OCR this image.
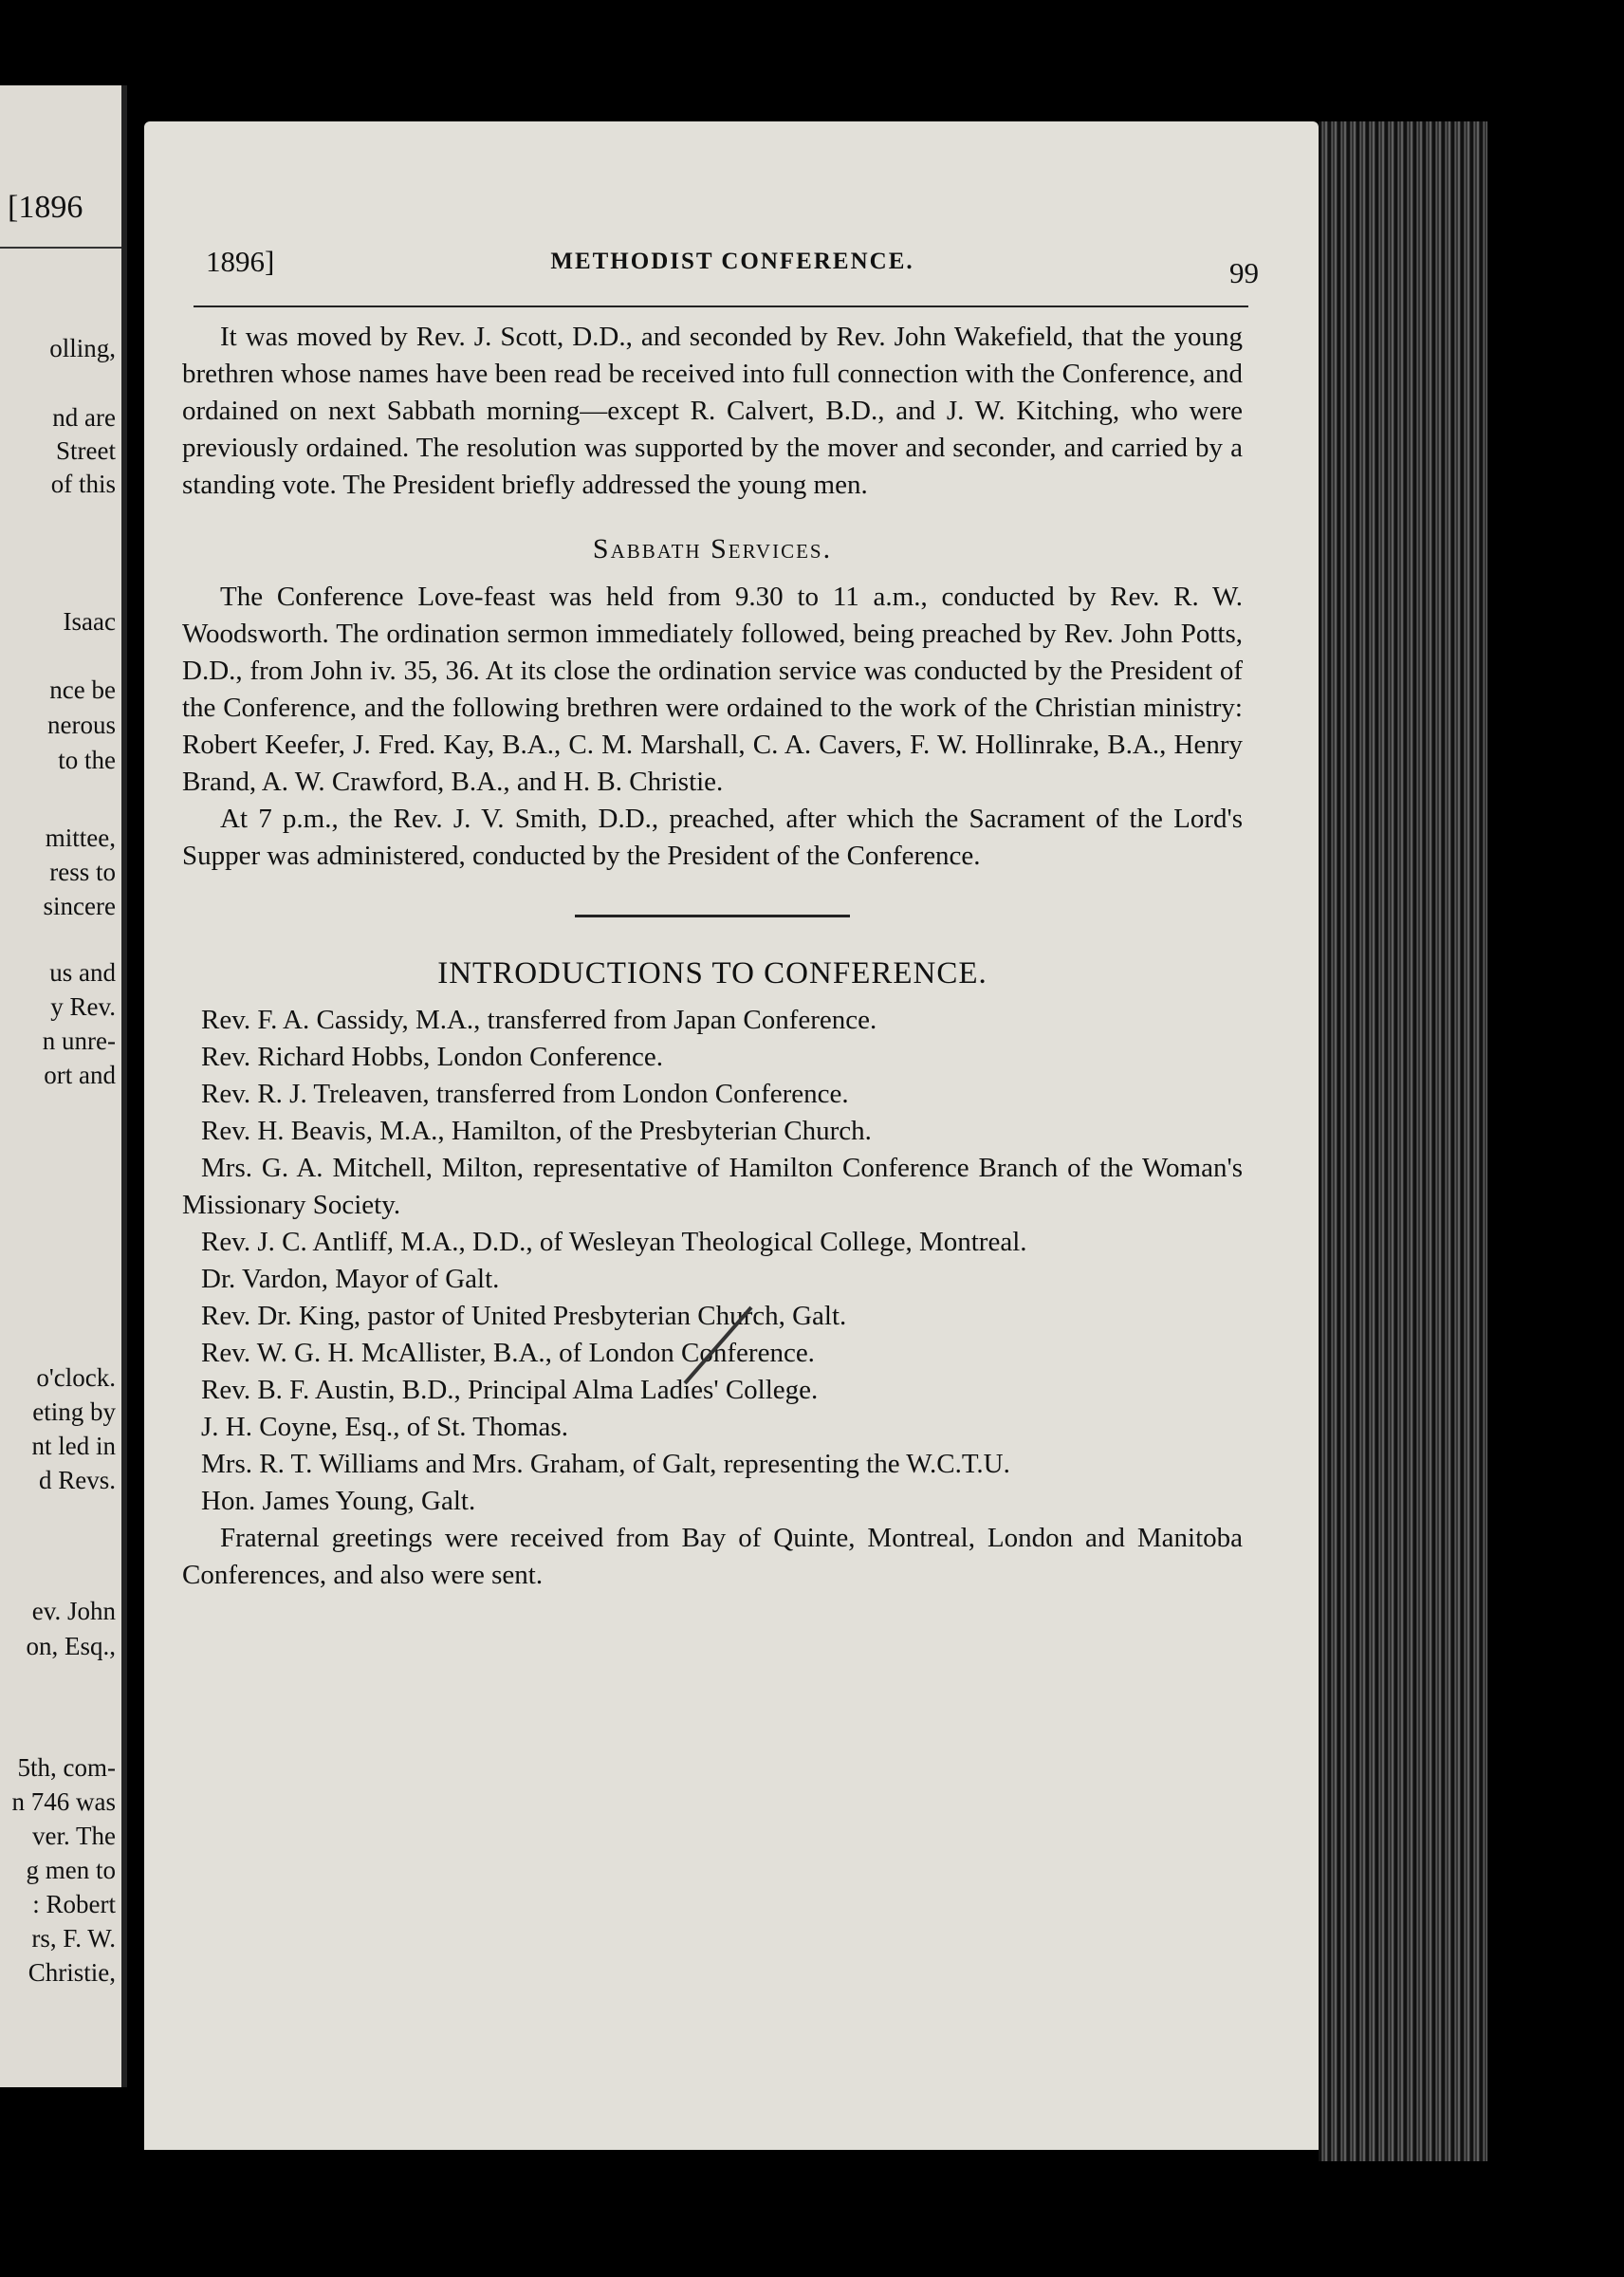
[1896
olling,
nd are
Street
of this
Isaac
nce be
nerous
to the
mittee,
ress to
sincere
us and
y Rev.
n unre-
ort and
o'clock.
eting by
nt led in
d Revs.
ev. John
on, Esq.,
5th, com-
n 746 was
ver. The
g men to
: Robert
rs, F. W.
Christie,
1896]	METHODIST CONFERENCE.	99

It was moved by Rev. J. Scott, D.D., and seconded by Rev. John Wakefield, that the young brethren whose names have been read be received into full connection with the Conference, and ordained on next Sabbath morning—except R. Calvert, B.D., and J. W. Kitching, who were previously ordained. The resolution was supported by the mover and seconder, and carried by a standing vote. The President briefly addressed the young men.

Sabbath Services.

The Conference Love-feast was held from 9.30 to 11 a.m., conducted by Rev. R. W. Woodsworth. The ordination sermon immediately followed, being preached by Rev. John Potts, D.D., from John iv. 35, 36. At its close the ordination service was conducted by the President of the Conference, and the following brethren were ordained to the work of the Christian ministry: Robert Keefer, J. Fred. Kay, B.A., C. M. Marshall, C. A. Cavers, F. W. Hollinrake, B.A., Henry Brand, A. W. Crawford, B.A., and H. B. Christie.

At 7 p.m., the Rev. J. V. Smith, D.D., preached, after which the Sacrament of the Lord's Supper was administered, conducted by the President of the Conference.

INTRODUCTIONS TO CONFERENCE.
Rev. F. A. Cassidy, M.A., transferred from Japan Conference.
Rev. Richard Hobbs, London Conference.
Rev. R. J. Treleaven, transferred from London Conference.
Rev. H. Beavis, M.A., Hamilton, of the Presbyterian Church.
Mrs. G. A. Mitchell, Milton, representative of Hamilton Conference Branch of the Woman's Missionary Society.
Rev. J. C. Antliff, M.A., D.D., of Wesleyan Theological College, Montreal.
Dr. Vardon, Mayor of Galt.
Rev. Dr. King, pastor of United Presbyterian Church, Galt.
Rev. W. G. H. McAllister, B.A., of London Conference.
Rev. B. F. Austin, B.D., Principal Alma Ladies' College.
J. H. Coyne, Esq., of St. Thomas.
Mrs. R. T. Williams and Mrs. Graham, of Galt, representing the W.C.T.U.
Hon. James Young, Galt.

Fraternal greetings were received from Bay of Quinte, Montreal, London and Manitoba Conferences, and also were sent.
